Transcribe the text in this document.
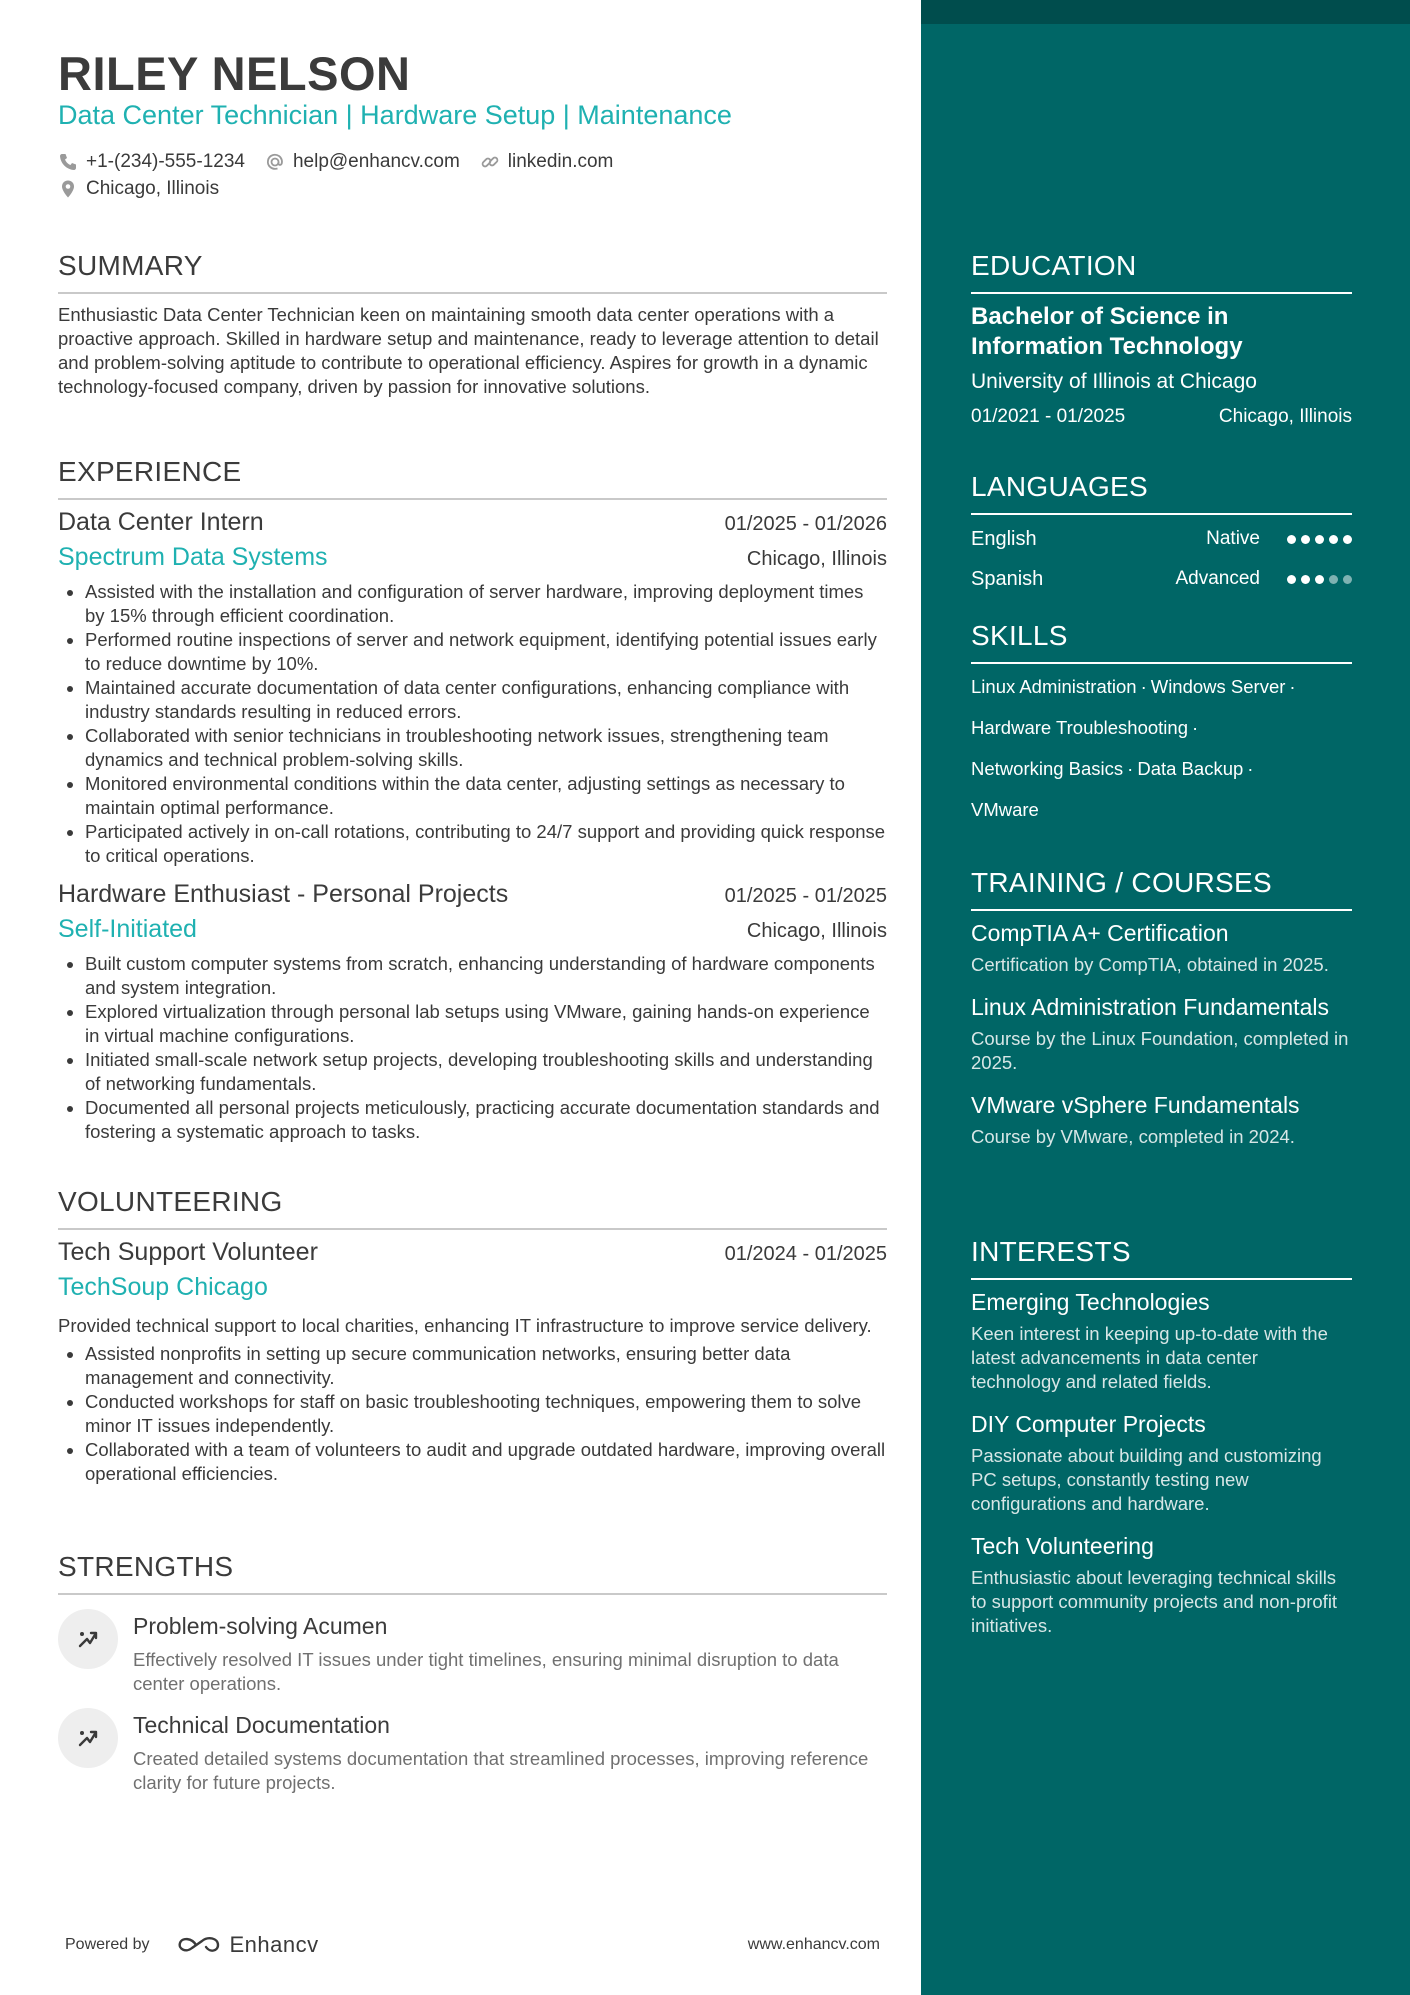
RILEY NELSON
Data Center Technician | Hardware Setup | Maintenance
+1-(234)-555-1234	help@enhancv.com	linkedin.com
Chicago, Illinois
SUMMARY
Enthusiastic Data Center Technician keen on maintaining smooth data center operations with a proactive approach. Skilled in hardware setup and maintenance, ready to leverage attention to detail and problem-solving aptitude to contribute to operational efficiency. Aspires for growth in a dynamic technology-focused company, driven by passion for innovative solutions.
EXPERIENCE
Data Center Intern	01/2025 - 01/2026
Spectrum Data Systems	Chicago, Illinois
Assisted with the installation and configuration of server hardware, improving deployment times by 15% through efficient coordination.
Performed routine inspections of server and network equipment, identifying potential issues early to reduce downtime by 10%.
Maintained accurate documentation of data center configurations, enhancing compliance with industry standards resulting in reduced errors.
Collaborated with senior technicians in troubleshooting network issues, strengthening team dynamics and technical problem-solving skills.
Monitored environmental conditions within the data center, adjusting settings as necessary to maintain optimal performance.
Participated actively in on-call rotations, contributing to 24/7 support and providing quick response to critical operations.
Hardware Enthusiast - Personal Projects	01/2025 - 01/2025
Self-Initiated	Chicago, Illinois
Built custom computer systems from scratch, enhancing understanding of hardware components and system integration.
Explored virtualization through personal lab setups using VMware, gaining hands-on experience in virtual machine configurations.
Initiated small-scale network setup projects, developing troubleshooting skills and understanding of networking fundamentals.
Documented all personal projects meticulously, practicing accurate documentation standards and fostering a systematic approach to tasks.
VOLUNTEERING
Tech Support Volunteer	01/2024 - 01/2025
TechSoup Chicago
Provided technical support to local charities, enhancing IT infrastructure to improve service delivery.
Assisted nonprofits in setting up secure communication networks, ensuring better data management and connectivity.
Conducted workshops for staff on basic troubleshooting techniques, empowering them to solve minor IT issues independently.
Collaborated with a team of volunteers to audit and upgrade outdated hardware, improving overall operational efficiencies.
STRENGTHS
Problem-solving Acumen
Effectively resolved IT issues under tight timelines, ensuring minimal disruption to data center operations.
Technical Documentation
Created detailed systems documentation that streamlined processes, improving reference clarity for future projects.
Powered by	Enhancv	www.enhancv.com
EDUCATION
Bachelor of Science in Information Technology
University of Illinois at Chicago
01/2021 - 01/2025	Chicago, Illinois
LANGUAGES
English	Native
Spanish	Advanced
SKILLS
Linux Administration · Windows Server ·
Hardware Troubleshooting ·
Networking Basics · Data Backup ·
VMware
TRAINING / COURSES
CompTIA A+ Certification
Certification by CompTIA, obtained in 2025.
Linux Administration Fundamentals
Course by the Linux Foundation, completed in 2025.
VMware vSphere Fundamentals
Course by VMware, completed in 2024.
INTERESTS
Emerging Technologies
Keen interest in keeping up-to-date with the latest advancements in data center technology and related fields.
DIY Computer Projects
Passionate about building and customizing PC setups, constantly testing new configurations and hardware.
Tech Volunteering
Enthusiastic about leveraging technical skills to support community projects and non-profit initiatives.
